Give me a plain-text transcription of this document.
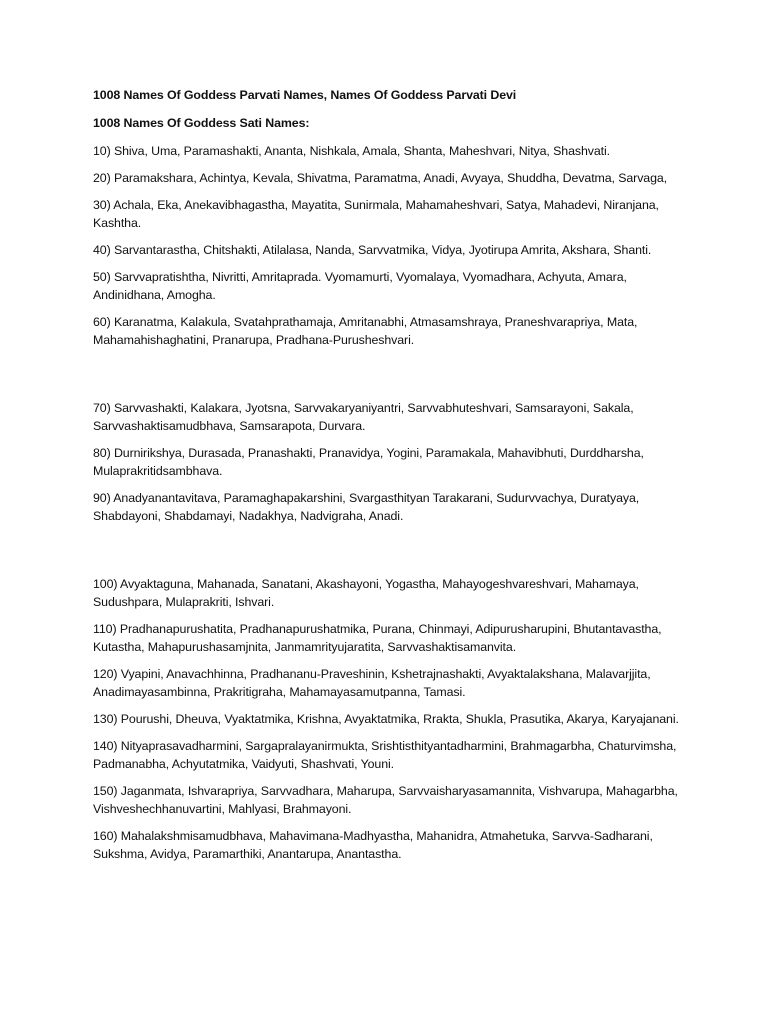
1008 Names Of Goddess Parvati Names, Names Of Goddess Parvati Devi

1008 Names Of Goddess Sati Names:

10) Shiva, Uma, Paramashakti, Ananta, Nishkala, Amala, Shanta, Maheshvari, Nitya, Shashvati.

20) Paramakshara, Achintya, Kevala, Shivatma, Paramatma, Anadi, Avyaya, Shuddha, Devatma, Sarvaga,

30) Achala, Eka, Anekavibhagastha, Mayatita, Sunirmala, Mahamaheshvari, Satya, Mahadevi, Niranjana, Kashtha.

40) Sarvantarastha, Chitshakti, Atilalasa, Nanda, Sarvvatmika, Vidya, Jyotirupa Amrita, Akshara, Shanti.

50) Sarvvapratishtha, Nivritti, Amritaprada. Vyomamurti, Vyomalaya, Vyomadhara, Achyuta, Amara, Andinidhana, Amogha.

60) Karanatma, Kalakula, Svatahprathamaja, Amritanabhi, Atmasamshraya, Praneshvarapriya, Mata, Mahamahishaghatini, Pranarupa, Pradhana-Purusheshvari.

70) Sarvvashakti, Kalakara, Jyotsna, Sarvvakaryaniyantri, Sarvvabhuteshvari, Samsarayoni, Sakala, Sarvvashaktisamudbhava, Samsarapota, Durvara.

80) Durnirikshya, Durasada, Pranashakti, Pranavidya, Yogini, Paramakala, Mahavibhuti, Durddharsha, Mulaprakritidsambhava.

90) Anadyanantavitava, Paramaghapakarshini, Svargasthityan Tarakarani, Sudurvvachya, Duratyaya, Shabdayoni, Shabdamayi, Nadakhya, Nadvigraha, Anadi.

100) Avyaktaguna, Mahanada, Sanatani, Akashayoni, Yogastha, Mahayogeshvareshvari, Mahamaya, Sudushpara, Mulaprakriti, Ishvari.

110) Pradhanapurushatita, Pradhanapurushatmika, Purana, Chinmayi, Adipurusharupini, Bhutantavastha, Kutastha, Mahapurushasamjnita, Janmamrityujaratita, Sarvvashaktisamanvita.

120) Vyapini, Anavachhinna, Pradhananu-Praveshinin, Kshetrajnashakti, Avyaktalakshana, Malavarjjita, Anadimayasambinna, Prakritigraha, Mahamayasamutpanna, Tamasi.

130) Pourushi, Dheuva, Vyaktatmika, Krishna, Avyaktatmika, Rrakta, Shukla, Prasutika, Akarya, Karyajanani.

140) Nityaprasavadharmini, Sargapralayanirmukta, Srishtisthityantadharmini, Brahmagarbha, Chaturvimsha, Padmanabha, Achyutatmika, Vaidyuti, Shashvati, Youni.

150) Jaganmata, Ishvarapriya, Sarvvadhara, Maharupa, Sarvvaisharyasamannita, Vishvarupa, Mahagarbha, Vishveshechhanuvartini, Mahlyasi, Brahmayoni.

160) Mahalakshmisamudbhava, Mahavimana-Madhyastha, Mahanidra, Atmahetuka, Sarvva-Sadharani, Sukshma, Avidya, Paramarthiki, Anantarupa, Anantastha.
